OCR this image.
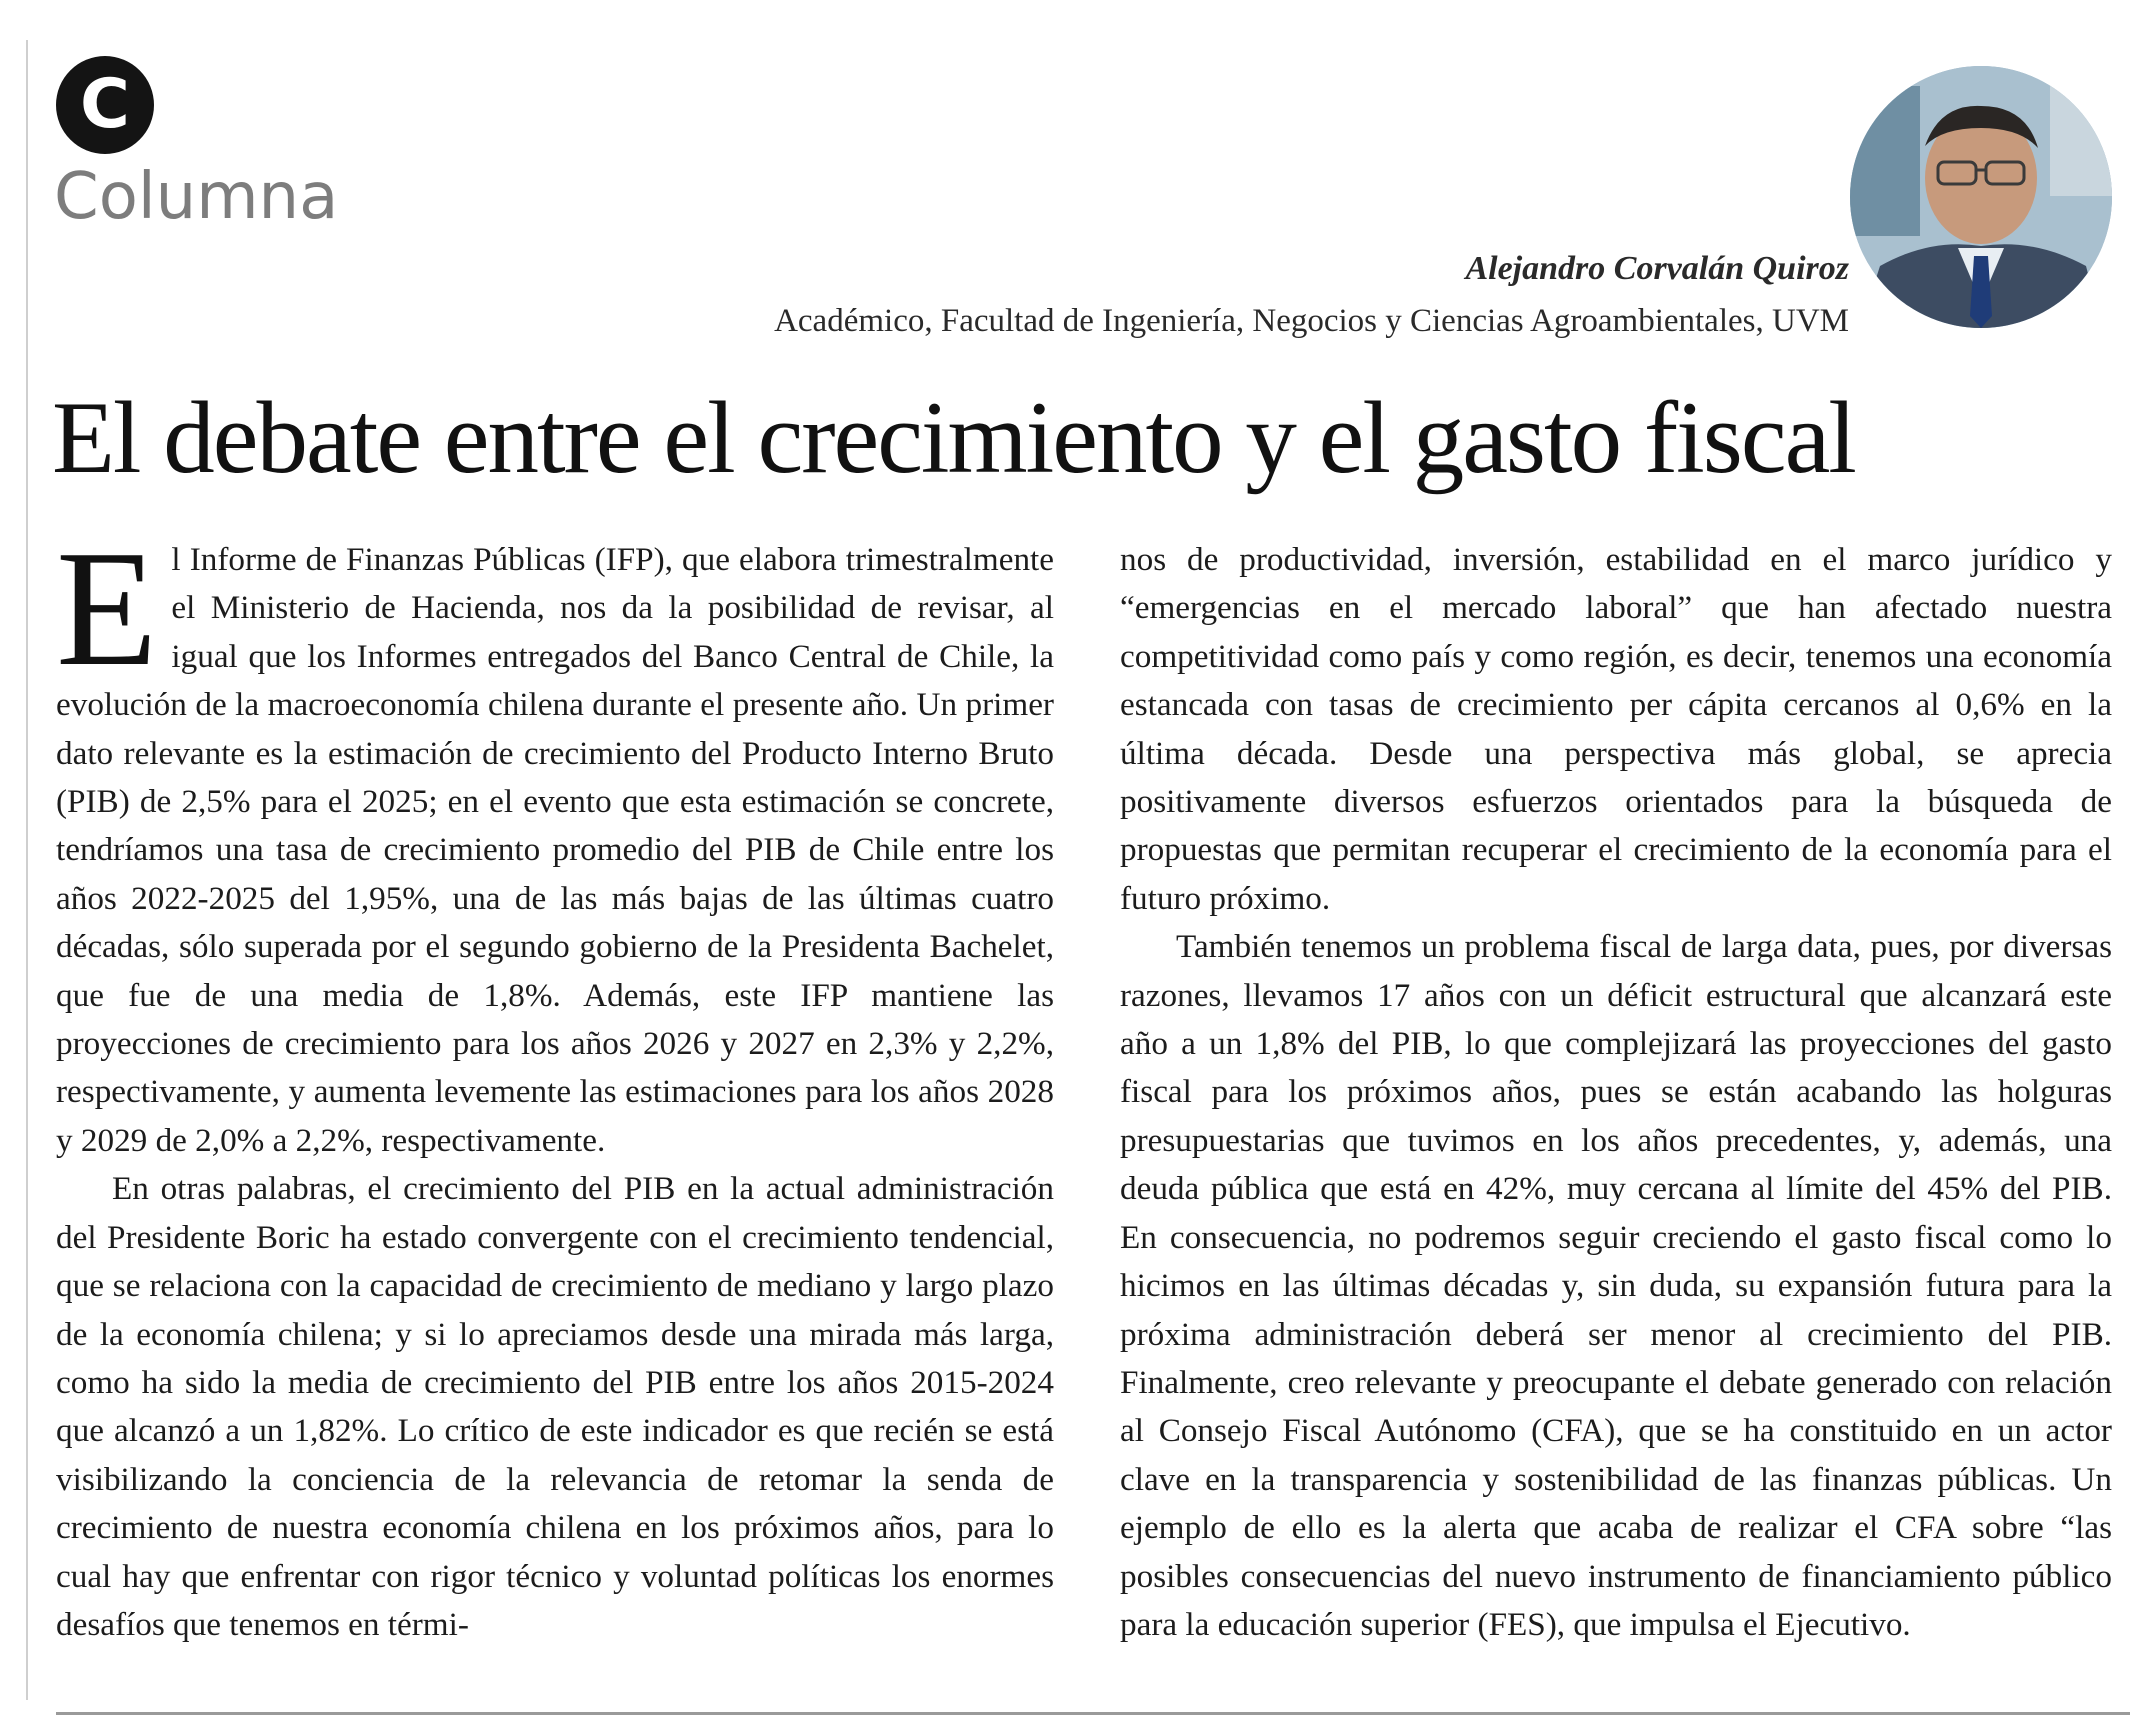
C
Columna
Alejandro Corvalán Quiroz
Académico, Facultad de Ingeniería, Negocios y Ciencias Agroambientales, UVM
El debate entre el crecimiento y el gasto fiscal

El Informe de Finanzas Públicas (IFP), que elabora trimestralmente el Ministerio de Hacienda, nos da la posibilidad de revisar, al igual que los Informes entregados del Banco Central de Chile, la evolución de la macroeconomía chilena durante el presente año. Un primer dato relevante es la estimación de crecimiento del Producto Interno Bruto (PIB) de 2,5% para el 2025; en el evento que esta estimación se concrete, tendríamos una tasa de crecimiento promedio del PIB de Chile entre los años 2022-2025 del 1,95%, una de las más bajas de las últimas cuatro décadas, sólo superada por el segundo gobierno de la Presidenta Bachelet, que fue de una media de 1,8%. Además, este IFP mantiene las proyecciones de crecimiento para los años 2026 y 2027 en 2,3% y 2,2%, respectivamente, y aumenta levemente las estimaciones para los años 2028 y 2029 de 2,0% a 2,2%, respectivamente.

En otras palabras, el crecimiento del PIB en la actual administración del Presidente Boric ha estado convergente con el crecimiento tendencial, que se relaciona con la capacidad de crecimiento de mediano y largo plazo de la economía chilena; y si lo apreciamos desde una mirada más larga, como ha sido la media de crecimiento del PIB entre los años 2015-2024 que alcanzó a un 1,82%. Lo crítico de este indicador es que recién se está visibilizando la conciencia de la relevancia de retomar la senda de crecimiento de nuestra economía chilena en los próximos años, para lo cual hay que enfrentar con rigor técnico y voluntad políticas los enormes desafíos que tenemos en térmi-

nos de productividad, inversión, estabilidad en el marco jurídico y “emergencias en el mercado laboral” que han afectado nuestra competitividad como país y como región, es decir, tenemos una economía estancada con tasas de crecimiento per cápita cercanos al 0,6% en la última década. Desde una perspectiva más global, se aprecia positivamente diversos esfuerzos orientados para la búsqueda de propuestas que permitan recuperar el crecimiento de la economía para el futuro próximo.

También tenemos un problema fiscal de larga data, pues, por diversas razones, llevamos 17 años con un déficit estructural que alcanzará este año a un 1,8% del PIB, lo que complejizará las proyecciones del gasto fiscal para los próximos años, pues se están acabando las holguras presupuestarias que tuvimos en los años precedentes, y, además, una deuda pública que está en 42%, muy cercana al límite del 45% del PIB. En consecuencia, no podremos seguir creciendo el gasto fiscal como lo hicimos en las últimas décadas y, sin duda, su expansión futura para la próxima administración deberá ser menor al crecimiento del PIB. Finalmente, creo relevante y preocupante el debate generado con relación al Consejo Fiscal Autónomo (CFA), que se ha constituido en un actor clave en la transparencia y sostenibilidad de las finanzas públicas. Un ejemplo de ello es la alerta que acaba de realizar el CFA sobre “las posibles consecuencias del nuevo instrumento de financiamiento público para la educación superior (FES), que impulsa el Ejecutivo.
